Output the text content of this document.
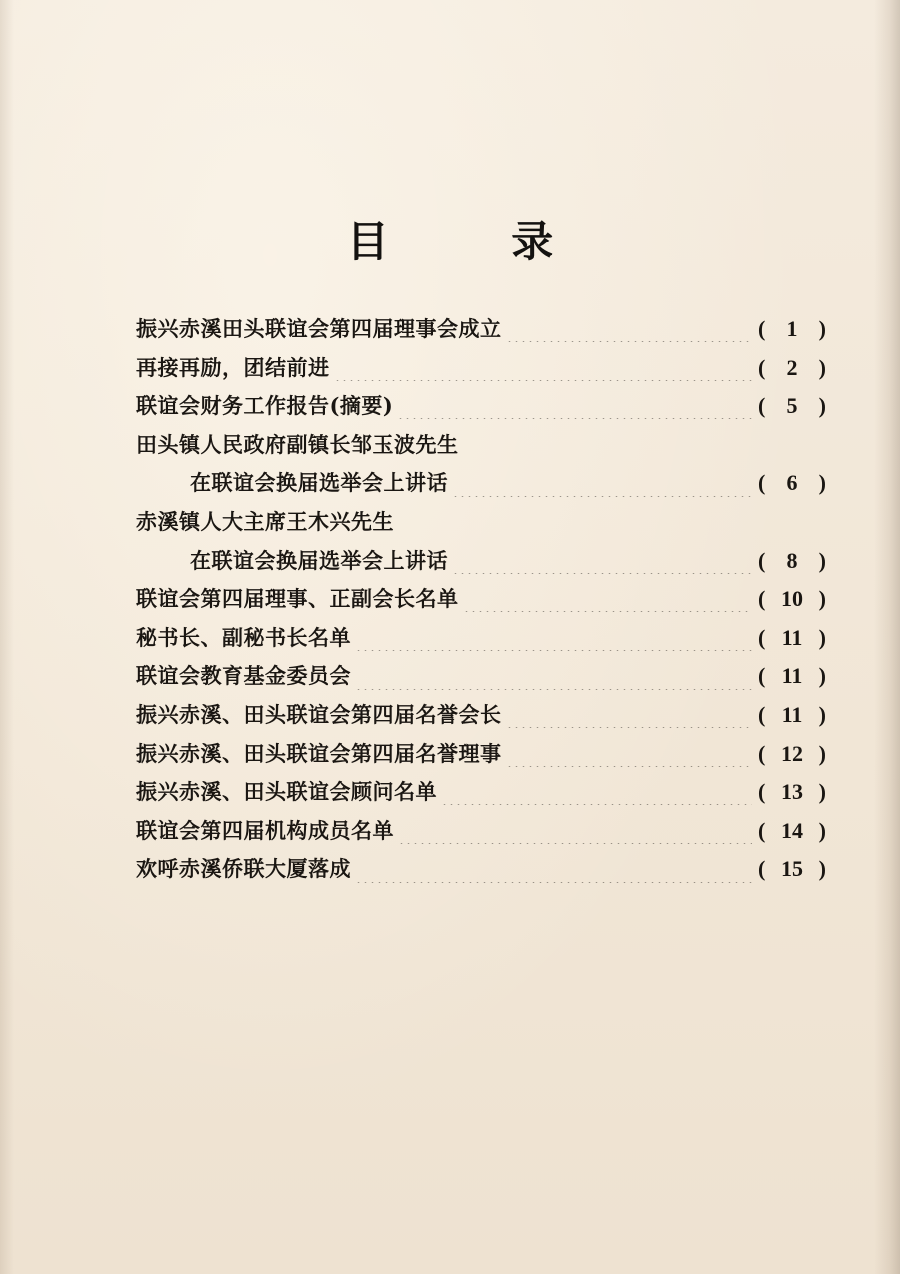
目 录
振兴赤溪田头联谊会第四届理事会成立	( 1 )
再接再励，团结前进	( 2 )
联谊会财务工作报告(摘要)	( 5 )
田头镇人民政府副镇长邹玉波先生
在联谊会换届选举会上讲话	( 6 )
赤溪镇人大主席王木兴先生
在联谊会换届选举会上讲话	( 8 )
联谊会第四届理事、正副会长名单	( 10 )
秘书长、副秘书长名单	( 11 )
联谊会教育基金委员会	( 11 )
振兴赤溪、田头联谊会第四届名誉会长	( 11 )
振兴赤溪、田头联谊会第四届名誉理事	( 12 )
振兴赤溪、田头联谊会顾问名单	( 13 )
联谊会第四届机构成员名单	( 14 )
欢呼赤溪侨联大厦落成	( 15 )
